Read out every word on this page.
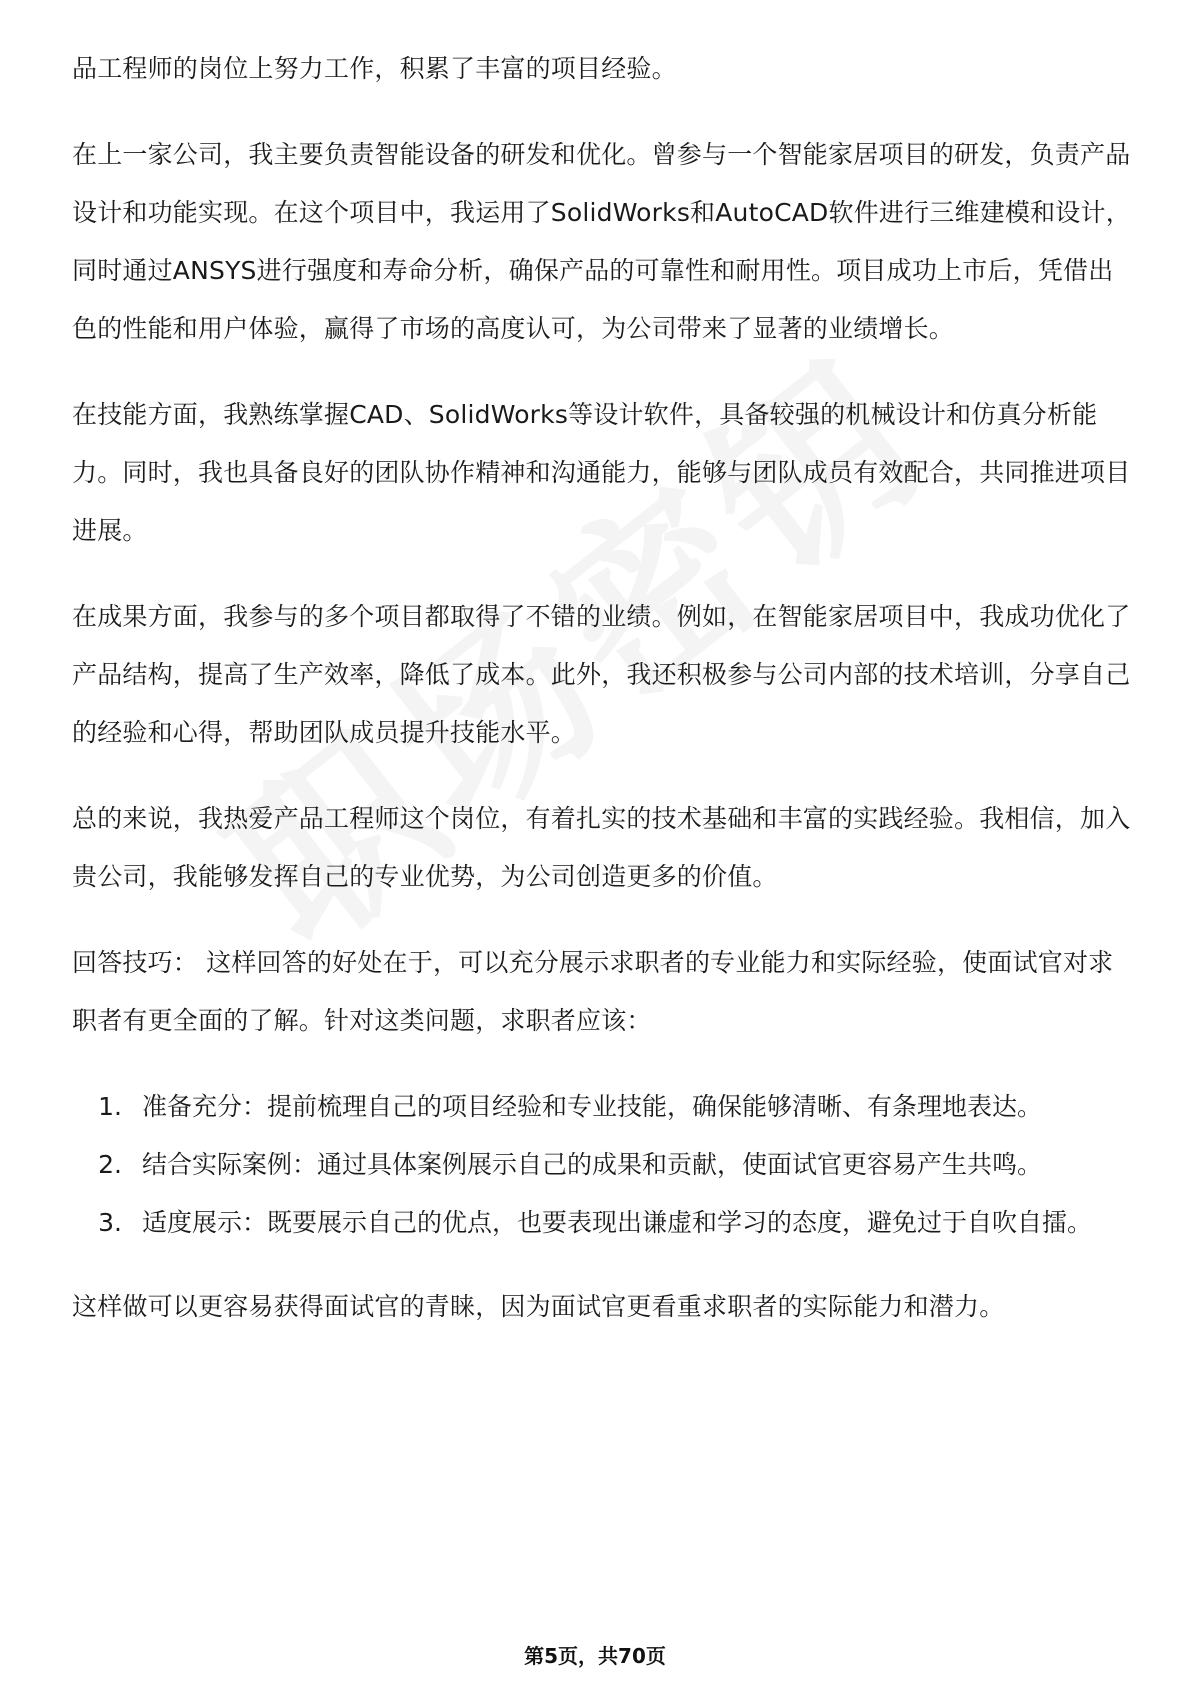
品工程师的岗位上努力工作，积累了丰富的项目经验。

在上一家公司，我主要负责智能设备的研发和优化。曾参与一个智能家居项目的研发，负责产品设计和功能实现。在这个项目中，我运用了SolidWorks和AutoCAD软件进行三维建模和设计，同时通过ANSYS进行强度和寿命分析，确保产品的可靠性和耐用性。项目成功上市后，凭借出色的性能和用户体验，赢得了市场的高度认可，为公司带来了显著的业绩增长。

在技能方面，我熟练掌握CAD、SolidWorks等设计软件，具备较强的机械设计和仿真分析能力。同时，我也具备良好的团队协作精神和沟通能力，能够与团队成员有效配合，共同推进项目进展。

在成果方面，我参与的多个项目都取得了不错的业绩。例如，在智能家居项目中，我成功优化了产品结构，提高了生产效率，降低了成本。此外，我还积极参与公司内部的技术培训，分享自己的经验和心得，帮助团队成员提升技能水平。

总的来说，我热爱产品工程师这个岗位，有着扎实的技术基础和丰富的实践经验。我相信，加入贵公司，我能够发挥自己的专业优势，为公司创造更多的价值。

回答技巧： 这样回答的好处在于，可以充分展示求职者的专业能力和实际经验，使面试官对求职者有更全面的了解。针对这类问题，求职者应该：

1. 准备充分：提前梳理自己的项目经验和专业技能，确保能够清晰、有条理地表达。
2. 结合实际案例：通过具体案例展示自己的成果和贡献，使面试官更容易产生共鸣。
3. 适度展示：既要展示自己的优点，也要表现出谦虚和学习的态度，避免过于自吹自擂。

这样做可以更容易获得面试官的青睐，因为面试官更看重求职者的实际能力和潜力。

第5页，共70页
